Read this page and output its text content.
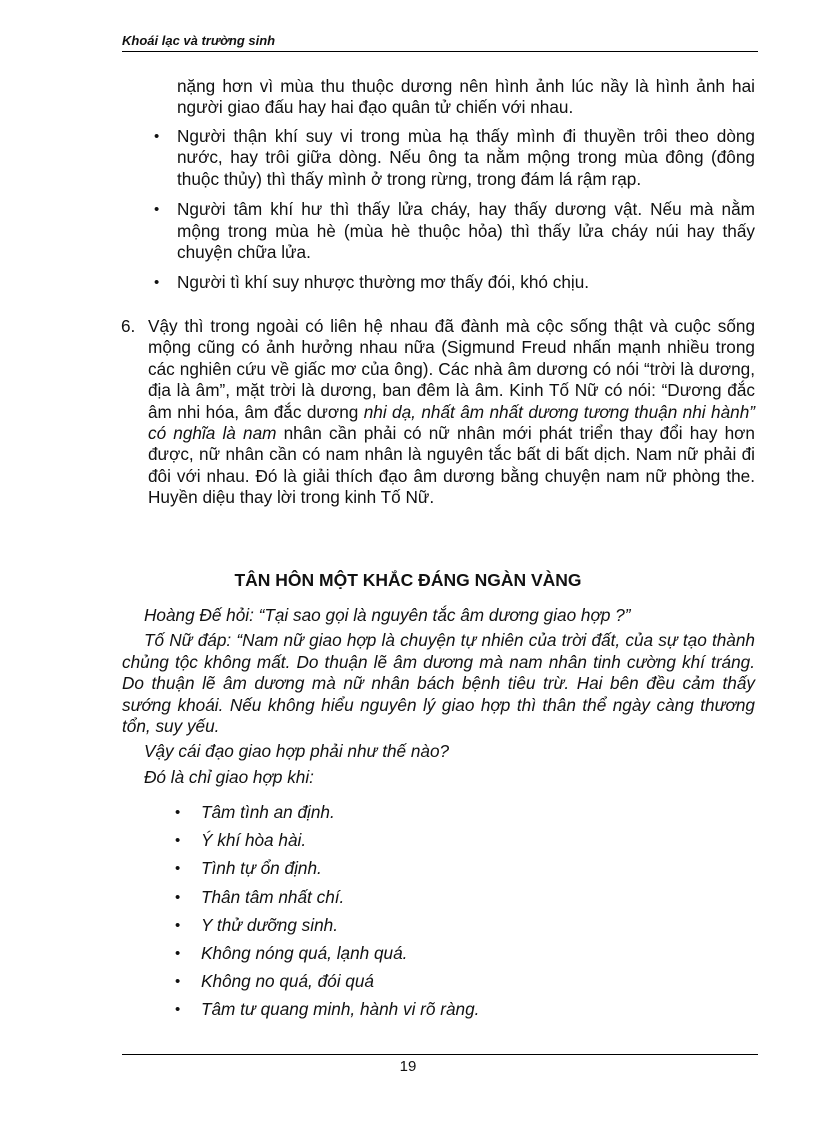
Khoái lạc và trường sinh
nặng hơn vì mùa thu thuộc dương nên hình ảnh lúc nầy là hình ảnh hai người giao đấu hay hai đạo quân tử chiến với nhau.
• Người thận khí suy vi trong mùa hạ thấy mình đi thuyền trôi theo dòng nước, hay trôi giữa dòng. Nếu ông ta nằm mộng trong mùa đông (đông thuộc thủy) thì thấy mình ở trong rừng, trong đám lá rậm rạp.
• Người tâm khí hư thì thấy lửa cháy, hay thấy dương vật. Nếu mà nằm mộng trong mùa hè (mùa hè thuộc hỏa) thì thấy lửa cháy núi hay thấy chuyện chữa lửa.
• Người tì khí suy nhược thường mơ thấy đói, khó chịu.
6. Vậy thì trong ngoài có liên hệ nhau đã đành mà cộc sống thật và cuộc sống mộng cũng có ảnh hưởng nhau nữa (Sigmund Freud nhấn mạnh nhiều trong các nghiên cứu về giấc mơ của ông). Các nhà âm dương có nói “trời là dương, địa là âm”, mặt trời là dương, ban đêm là âm. Kinh Tố Nữ có nói: “Dương đắc âm nhi hóa, âm đắc dương nhi dạ, nhất âm nhất dương tương thuận nhi hành” có nghĩa là nam nhân cần phải có nữ nhân mới phát triển thay đổi hay hơn được, nữ nhân cần có nam nhân là nguyên tắc bất di bất dịch. Nam nữ phải đi đôi với nhau. Đó là giải thích đạo âm dương bằng chuyện nam nữ phòng the. Huyền diệu thay lời trong kinh Tố Nữ.
TÂN HÔN MỘT KHẮC ĐÁNG NGÀN VÀNG

Hoàng Đế hỏi: “Tại sao gọi là nguyên tắc âm dương giao hợp ?”

Tố Nữ đáp: “Nam nữ giao hợp là chuyện tự nhiên của trời đất, của sự tạo thành chủng tộc không mất. Do thuận lẽ âm dương mà nam nhân tinh cường khí tráng. Do thuận lẽ âm dương mà nữ nhân bách bệnh tiêu trừ. Hai bên đều cảm thấy sướng khoái. Nếu không hiểu nguyên lý giao hợp thì thân thể ngày càng thương tổn, suy yếu.

Vậy cái đạo giao hợp phải như thế nào?

Đó là chỉ giao hợp khi:

• Tâm tình an định.
• Ý khí hòa hài.
• Tình tự ổn định.
• Thân tâm nhất chí.
• Y thử dưỡng sinh.
• Không nóng quá, lạnh quá.
• Không no quá, đói quá
• Tâm tư quang minh, hành vi rõ ràng.
19
